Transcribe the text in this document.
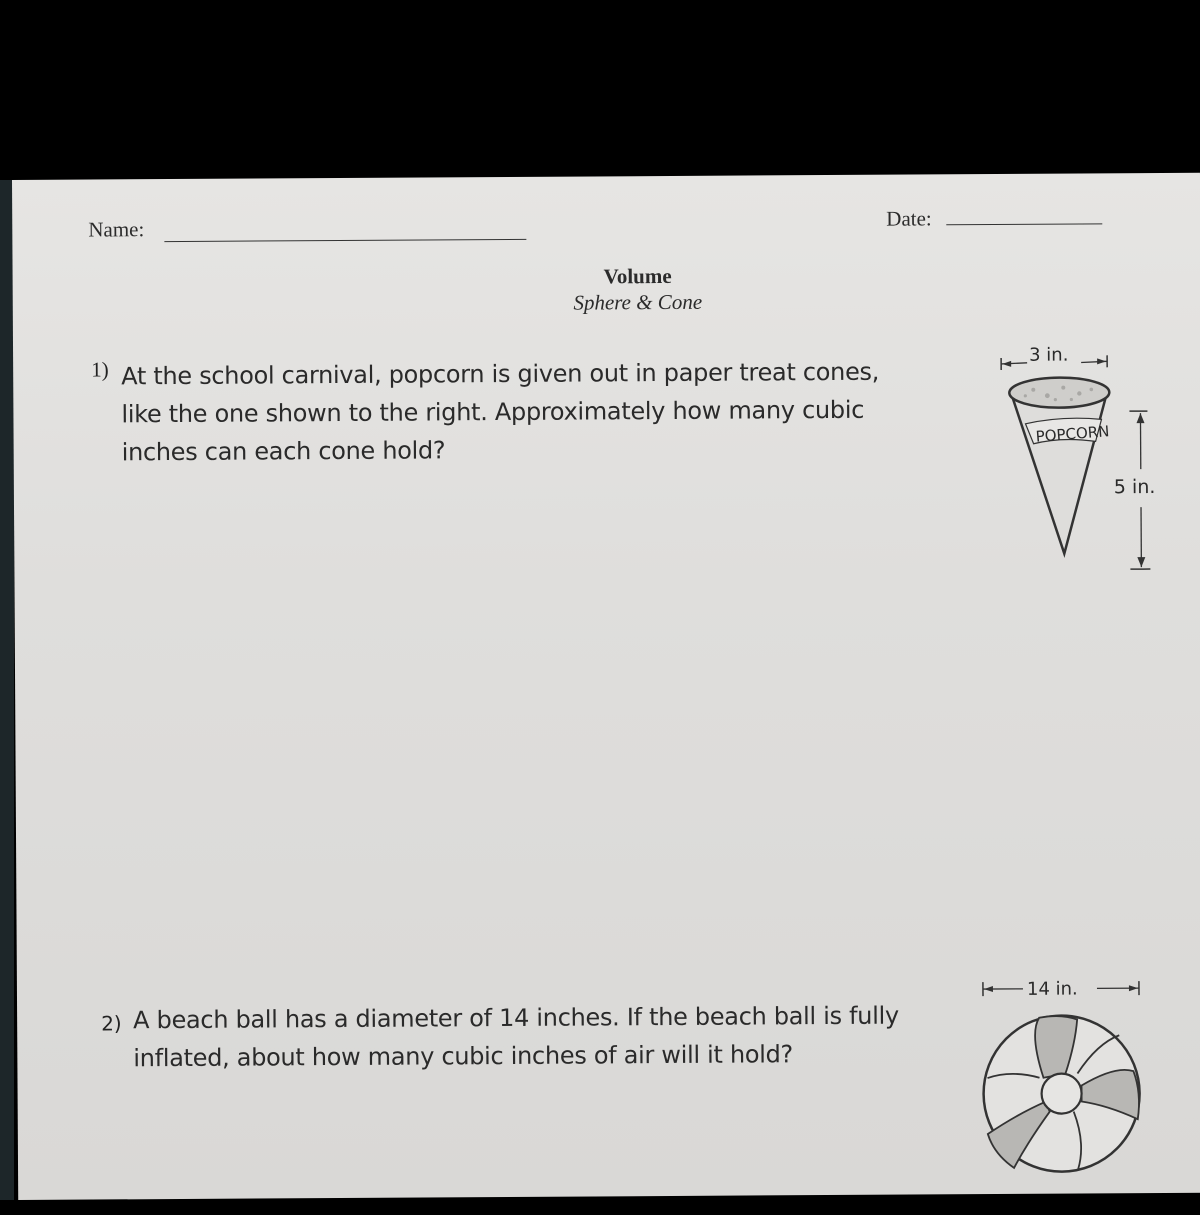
Name:	Date:
Volume
Sphere & Cone
1) At the school carnival, popcorn is given out in paper treat cones, like the one shown to the right. Approximately how many cubic inches can each cone hold?
3 in.
POPCORN
5 in.
2) A beach ball has a diameter of 14 inches. If the beach ball is fully inflated, about how many cubic inches of air will it hold?
14 in.
